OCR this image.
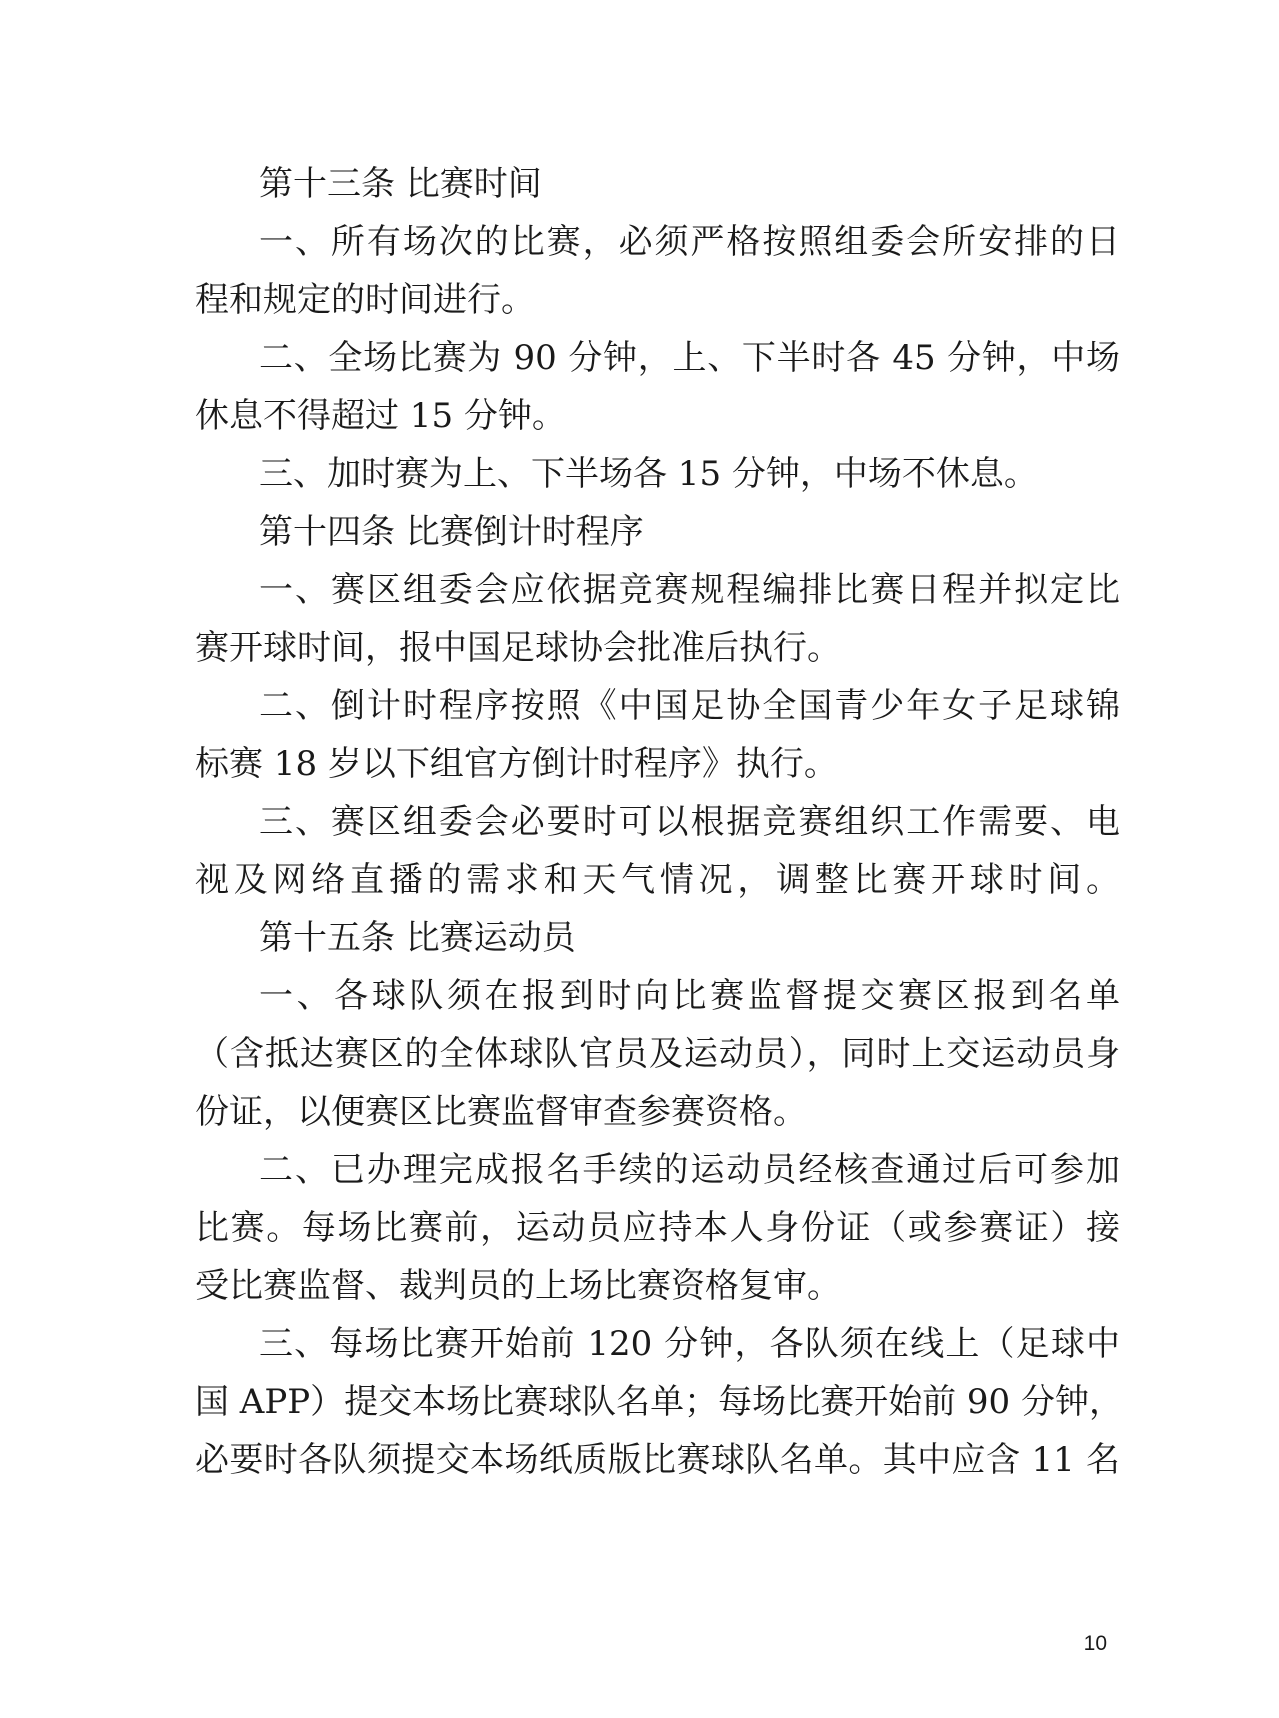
第十三条 比赛时间
一、所有场次的比赛，必须严格按照组委会所安排的日
程和规定的时间进行。
二、全场比赛为 90 分钟，上、下半时各 45 分钟，中场
休息不得超过 15 分钟。
三、加时赛为上、下半场各 15 分钟，中场不休息。
第十四条 比赛倒计时程序
一、赛区组委会应依据竞赛规程编排比赛日程并拟定比
赛开球时间，报中国足球协会批准后执行。
二、倒计时程序按照《中国足协全国青少年女子足球锦
标赛 18 岁以下组官方倒计时程序》执行。
三、赛区组委会必要时可以根据竞赛组织工作需要、电
视及网络直播的需求和天气情况，调整比赛开球时间。
第十五条 比赛运动员
一、各球队须在报到时向比赛监督提交赛区报到名单
（含抵达赛区的全体球队官员及运动员），同时上交运动员身
份证，以便赛区比赛监督审查参赛资格。
二、已办理完成报名手续的运动员经核查通过后可参加
比赛。每场比赛前，运动员应持本人身份证（或参赛证）接
受比赛监督、裁判员的上场比赛资格复审。
三、每场比赛开始前 120 分钟，各队须在线上（足球中
国 APP）提交本场比赛球队名单；每场比赛开始前 90 分钟，
必要时各队须提交本场纸质版比赛球队名单。其中应含 11 名
10
